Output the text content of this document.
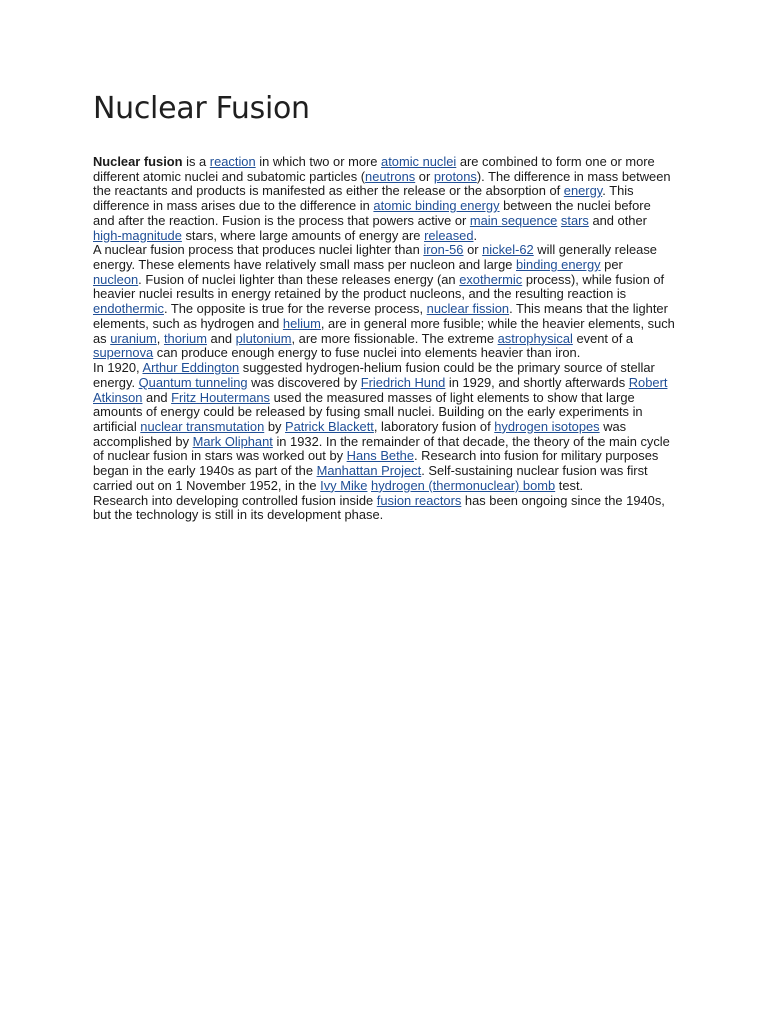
Nuclear Fusion

Nuclear fusion is a reaction in which two or more atomic nuclei are combined to form one or more different atomic nuclei and subatomic particles (neutrons or protons). The difference in mass between the reactants and products is manifested as either the release or the absorption of energy. This difference in mass arises due to the difference in atomic binding energy between the nuclei before and after the reaction. Fusion is the process that powers active or main sequence stars and other high-magnitude stars, where large amounts of energy are released.

A nuclear fusion process that produces nuclei lighter than iron-56 or nickel-62 will generally release energy. These elements have relatively small mass per nucleon and large binding energy per nucleon. Fusion of nuclei lighter than these releases energy (an exothermic process), while fusion of heavier nuclei results in energy retained by the product nucleons, and the resulting reaction is endothermic. The opposite is true for the reverse process, nuclear fission. This means that the lighter elements, such as hydrogen and helium, are in general more fusible; while the heavier elements, such as uranium, thorium and plutonium, are more fissionable. The extreme astrophysical event of a supernova can produce enough energy to fuse nuclei into elements heavier than iron.

In 1920, Arthur Eddington suggested hydrogen-helium fusion could be the primary source of stellar energy. Quantum tunneling was discovered by Friedrich Hund in 1929, and shortly afterwards Robert Atkinson and Fritz Houtermans used the measured masses of light elements to show that large amounts of energy could be released by fusing small nuclei. Building on the early experiments in artificial nuclear transmutation by Patrick Blackett, laboratory fusion of hydrogen isotopes was accomplished by Mark Oliphant in 1932. In the remainder of that decade, the theory of the main cycle of nuclear fusion in stars was worked out by Hans Bethe. Research into fusion for military purposes began in the early 1940s as part of the Manhattan Project. Self-sustaining nuclear fusion was first carried out on 1 November 1952, in the Ivy Mike hydrogen (thermonuclear) bomb test.

Research into developing controlled fusion inside fusion reactors has been ongoing since the 1940s, but the technology is still in its development phase.
